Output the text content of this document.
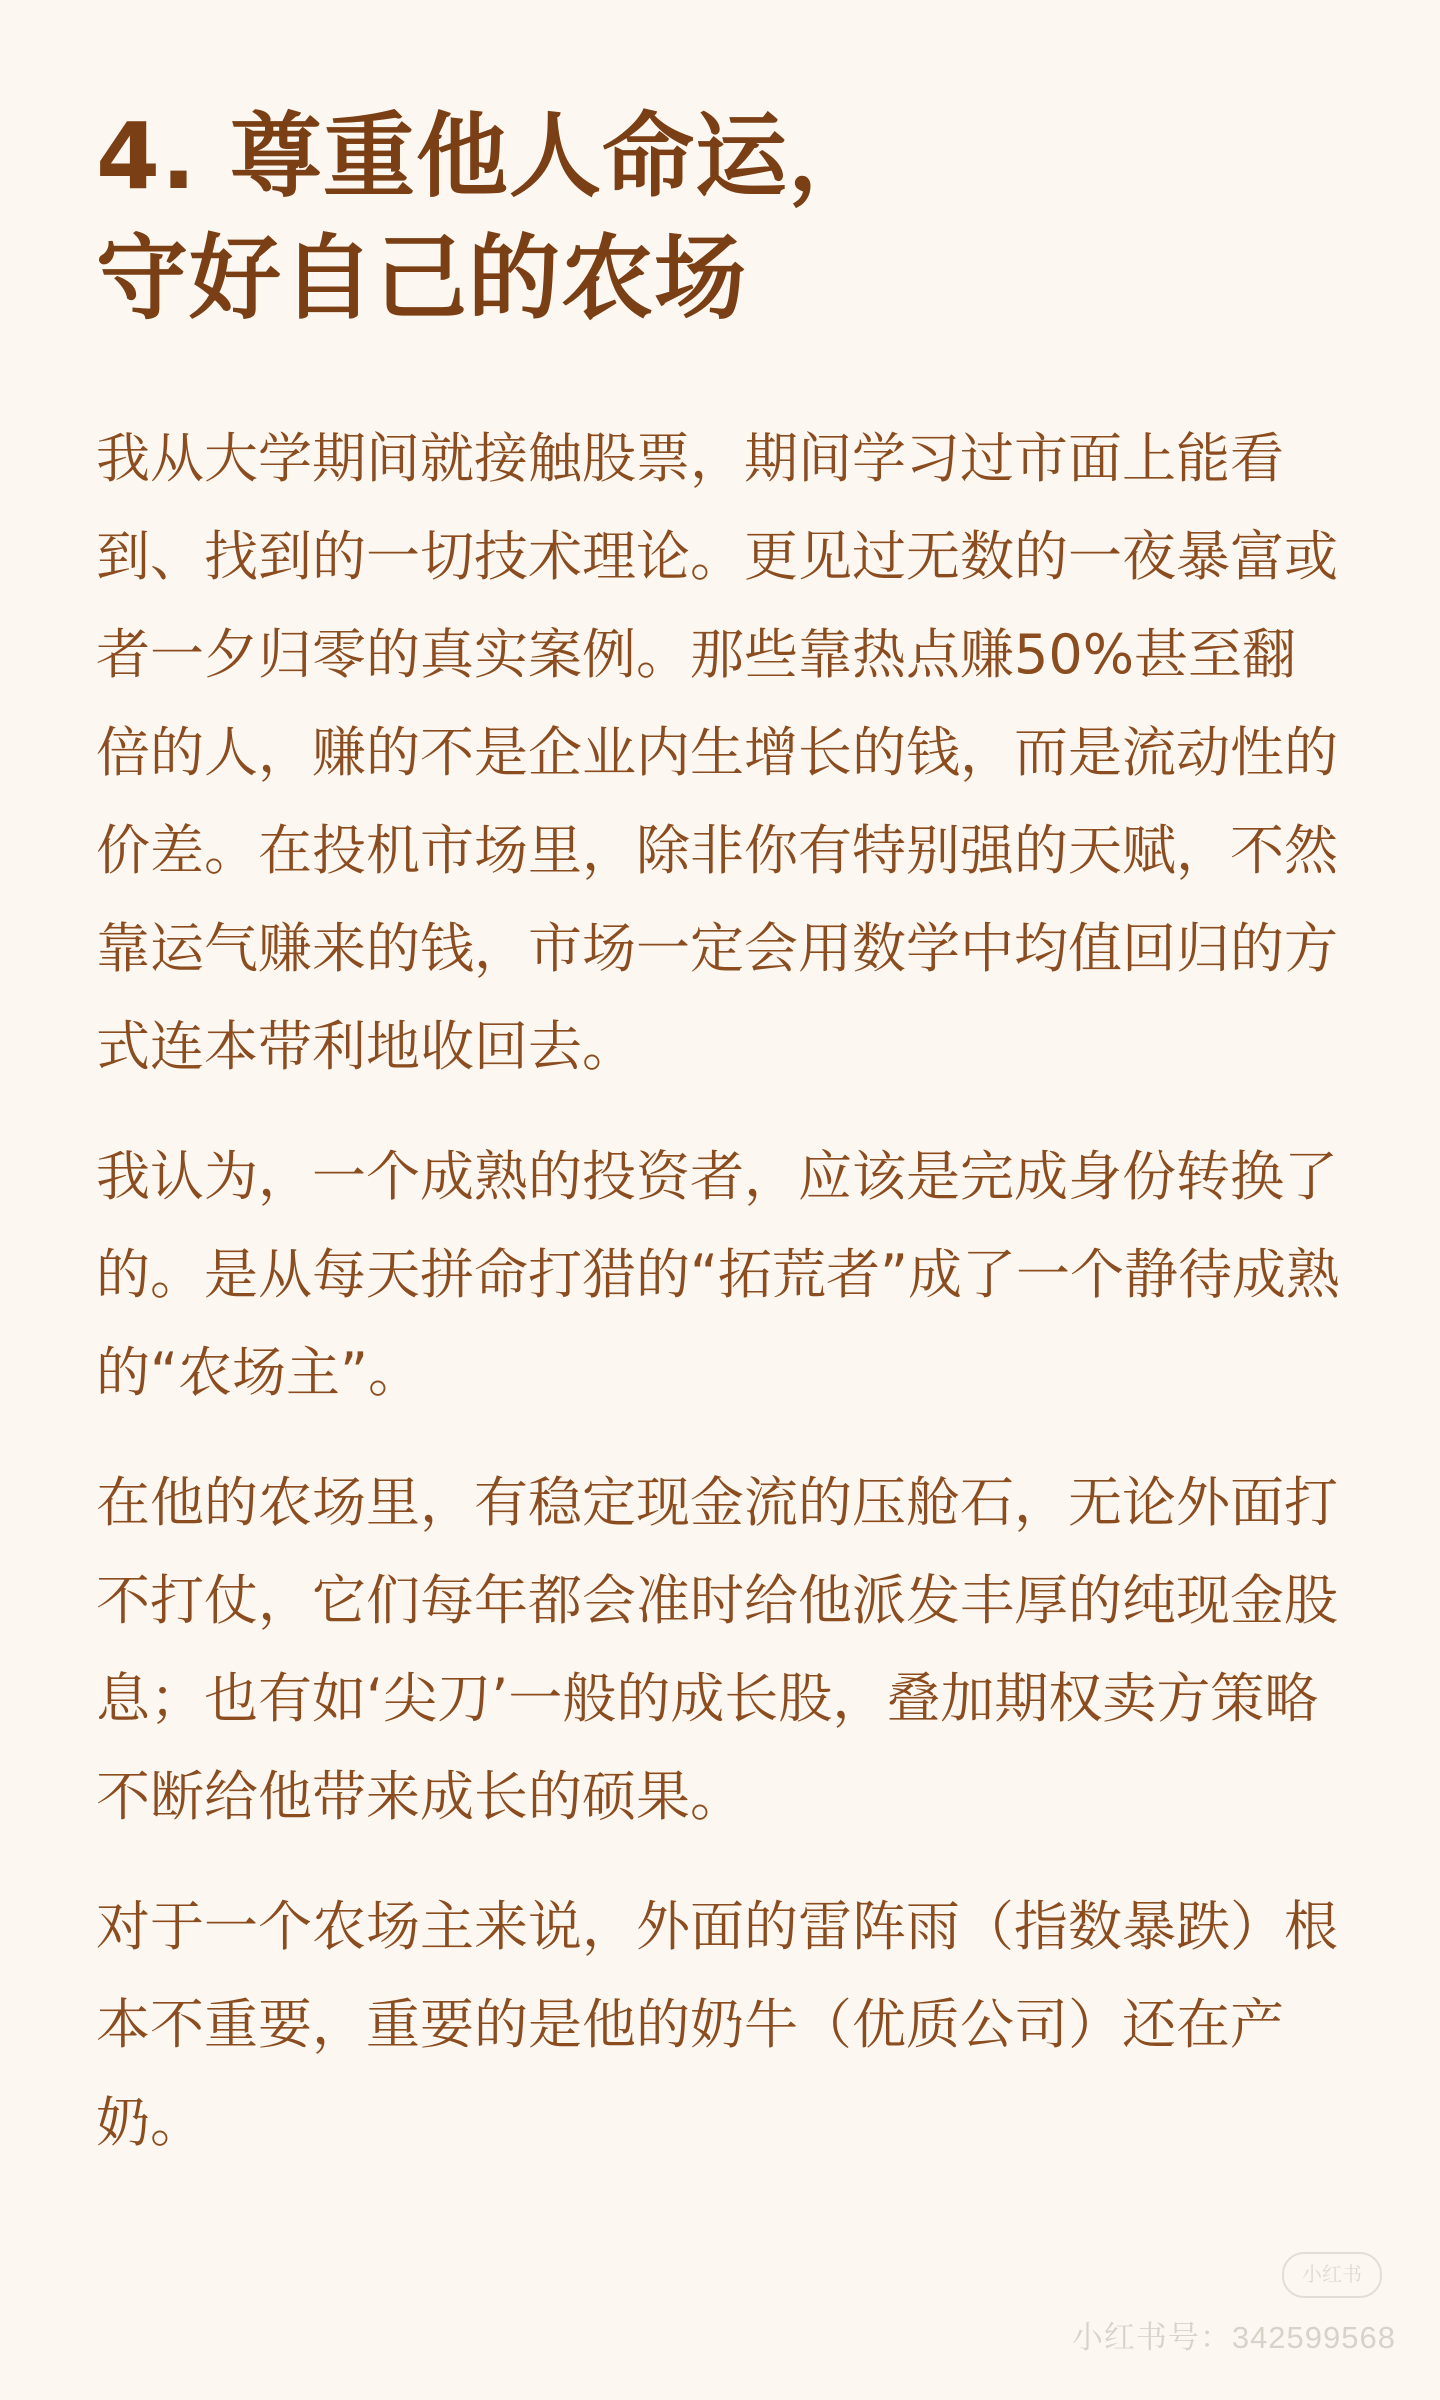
4. 尊重他人命运，
守好自己的农场

我从大学期间就接触股票，期间学习过市面上能看到、找到的一切技术理论。更见过无数的一夜暴富或者一夕归零的真实案例。那些靠热点赚50%甚至翻倍的人，赚的不是企业内生增长的钱，而是流动性的价差。在投机市场里，除非你有特别强的天赋，不然靠运气赚来的钱，市场一定会用数学中均值回归的方式连本带利地收回去。

我认为，一个成熟的投资者，应该是完成身份转换了的。是从每天拼命打猎的“拓荒者”成了一个静待成熟的“农场主”。

在他的农场里，有稳定现金流的压舱石，无论外面打不打仗，它们每年都会准时给他派发丰厚的纯现金股息；也有如‘尖刀’一般的成长股，叠加期权卖方策略不断给他带来成长的硕果。

对于一个农场主来说，外面的雷阵雨（指数暴跌）根本不重要，重要的是他的奶牛（优质公司）还在产奶。

小红书
小红书号：342599568
